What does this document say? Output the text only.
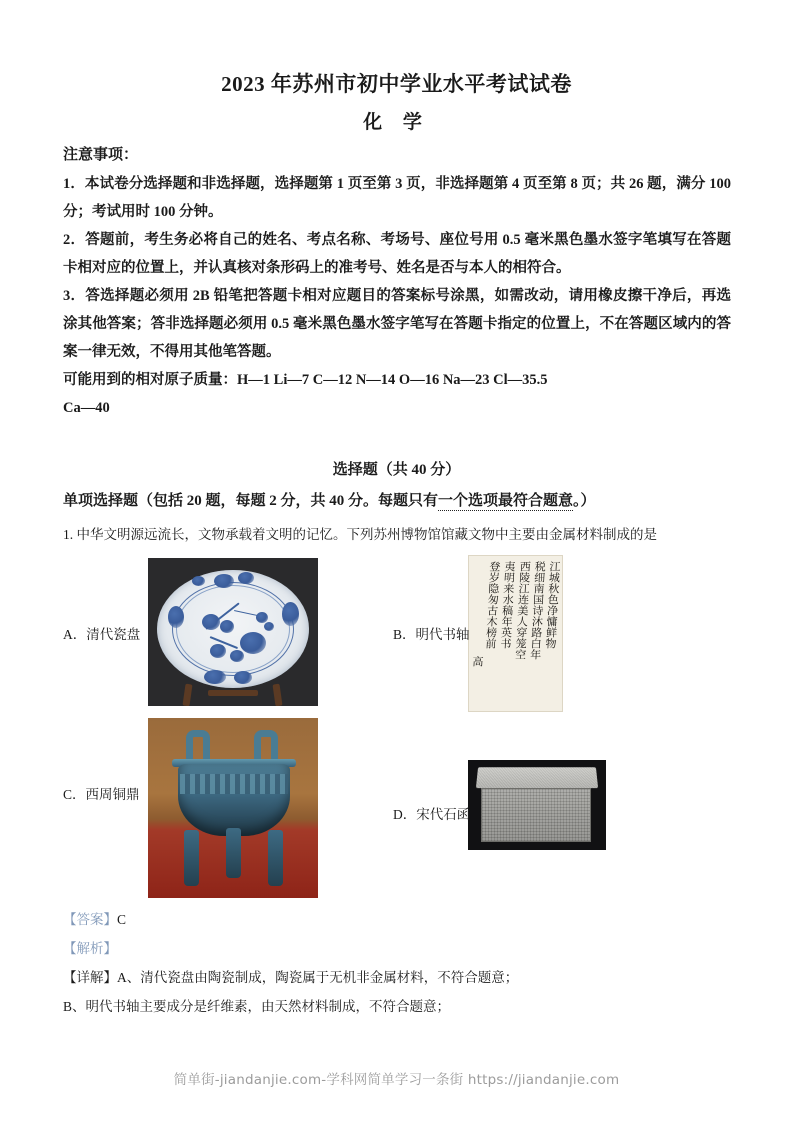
2023 年苏州市初中学业水平考试试卷
化 学
注意事项：
1．本试卷分选择题和非选择题，选择题第 1 页至第 3 页，非选择题第 4 页至第 8 页；共 26 题，满分 100 分；考试用时 100 分钟。
2．答题前，考生务必将自己的姓名、考点名称、考场号、座位号用 0.5 毫米黑色墨水签字笔填写在答题卡相对应的位置上，并认真核对条形码上的准考号、姓名是否与本人的相符合。
3．答选择题必须用 2B 铅笔把答题卡相对应题目的答案标号涂黑，如需改动，请用橡皮擦干净后，再选涂其他答案；答非选择题必须用 0.5 毫米黑色墨水签字笔写在答题卡指定的位置上，不在答题区域内的答案一律无效，不得用其他笔答题。
可能用到的相对原子质量：H—1 Li—7 C—12 N—14 O—16 Na—23 Cl—35.5
Ca—40
选择题（共 40 分）
单项选择题（包括 20 题，每题 2 分，共 40 分。每题只有一个选项最符合题意。）
1. 中华文明源远流长，文物承载着文明的记忆。下列苏州博物馆馆藏文物中主要由金属材料制成的是
A．清代瓷盘	B．明代书轴
C．西周铜鼎
D．宋代石函
江城秋色净慵鲜物
税细南国诗沐路白年
西陵江连美人穿笼空
夷明来水稿年英书
登岁隐匆古木榜前
高
【答案】C
【解析】
【详解】A、清代瓷盘由陶瓷制成，陶瓷属于无机非金属材料，不符合题意；
B、明代书轴主要成分是纤维素，由天然材料制成，不符合题意；
简单街-jiandanjie.com-学科网简单学习一条街 https://jiandanjie.com
